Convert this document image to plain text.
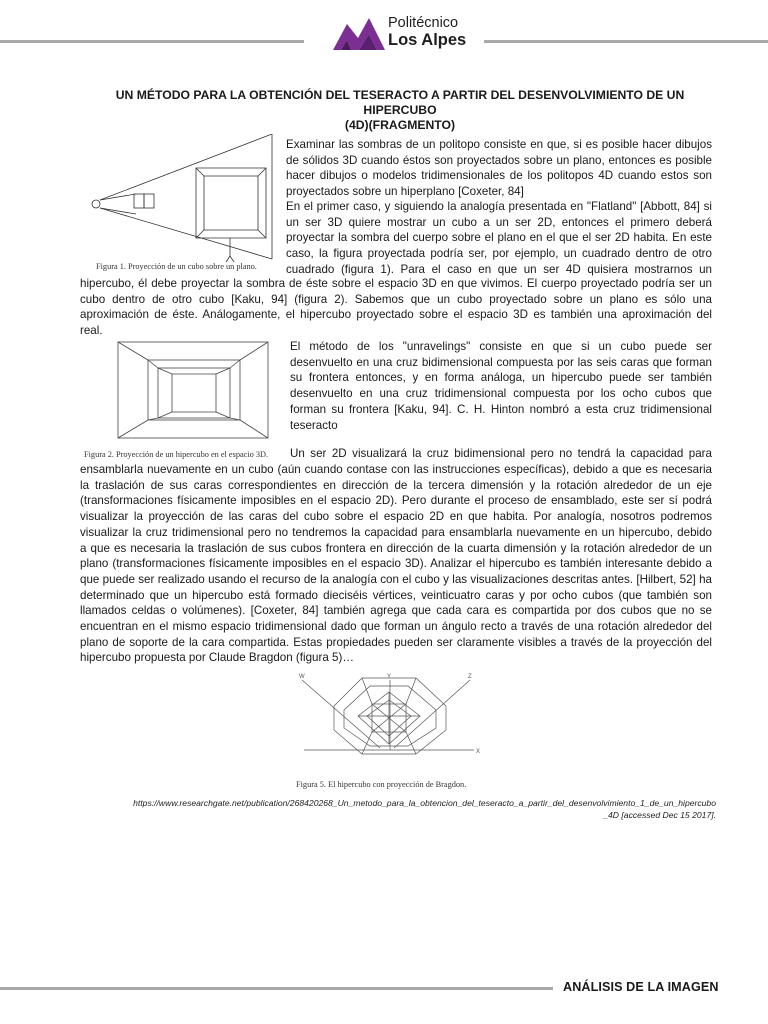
Politécnico
Los Alpes
UN MÉTODO PARA LA OBTENCIÓN DEL TESERACTO A PARTIR DEL DESENVOLVIMIENTO DE UN HIPERCUBO
(4D)(FRAGMENTO)
Figura 1. Proyección de un cubo sobre un plano.
Examinar las sombras de un politopo consiste en que, si es posible hacer dibujos
de sólidos 3D cuando éstos son proyectados sobre un plano, entonces es posible
hacer dibujos o modelos tridimensionales de los politopos 4D cuando estos son
proyectados sobre un hiperplano [Coxeter, 84]
En el primer caso, y siguiendo la analogía presentada en "Flatland" [Abbott, 84] si
un ser 3D quiere mostrar un cubo a un ser 2D, entonces el primero deberá
proyectar la sombra del cuerpo sobre el plano en el que el ser 2D habita. En este
caso, la figura proyectada podría ser, por ejemplo, un cuadrado dentro de otro
cuadrado (figura 1). Para el caso en que un ser 4D quisiera mostrarnos un
hipercubo, él debe proyectar la sombra de éste sobre el espacio 3D en que vivimos. El cuerpo proyectado podría ser un
cubo dentro de otro cubo [Kaku, 94] (figura 2). Sabemos que un cubo proyectado sobre un plano es sólo una
aproximación de éste. Análogamente, el hipercubo proyectado sobre el espacio 3D es también una aproximación del
real.
Figura 2. Proyección de un hipercubo en el espacio 3D.
El método de los "unravelings" consiste en que si un cubo puede ser
desenvuelto en una cruz bidimensional compuesta por las seis caras que forman
su frontera entonces, y en forma análoga, un hipercubo puede ser también
desenvuelto en una cruz tridimensional compuesta por los ocho cubos que
forman su frontera [Kaku, 94]. C. H. Hinton nombró a esta cruz tridimensional
teseracto
Un ser 2D visualizará la cruz bidimensional pero no tendrá la capacidad para
ensamblarla nuevamente en un cubo (aún cuando contase con las instrucciones específicas), debido a que es necesaria
la traslación de sus caras correspondientes en dirección de la tercera dimensión y la rotación alrededor de un eje
(transformaciones físicamente imposibles en el espacio 2D). Pero durante el proceso de ensamblado, este ser sí podrá
visualizar la proyección de las caras del cubo sobre el espacio 2D en que habita. Por analogía, nosotros podremos
visualizar la cruz tridimensional pero no tendremos la capacidad para ensamblarla nuevamente en un hipercubo, debido
a que es necesaria la traslación de sus cubos frontera en dirección de la cuarta dimensión y la rotación alrededor de un
plano (transformaciones físicamente imposibles en el espacio 3D). Analizar el hipercubo es también interesante debido a
que puede ser realizado usando el recurso de la analogía con el cubo y las visualizaciones descritas antes. [Hilbert, 52] ha
determinado que un hipercubo está formado dieciséis vértices, veinticuatro caras y por ocho cubos (que también son
llamados celdas o volúmenes). [Coxeter, 84] también agrega que cada cara es compartida por dos cubos que no se
encuentran en el mismo espacio tridimensional dado que forman un ángulo recto a través de una rotación alrededor del
plano de soporte de la cara compartida. Estas propiedades pueden ser claramente visibles a través de la proyección del
hipercubo propuesta por Claude Bragdon (figura 5)…
W	Y	Z
X
Figura 5. El hipercubo con proyección de Bragdon.
https://www.researchgate.net/publication/268420268_Un_metodo_para_la_obtencion_del_teseracto_a_partir_del_desenvolvimiento_1_de_un_hipercubo
_4D [accessed Dec 15 2017].
ANÁLISIS DE LA IMAGEN
